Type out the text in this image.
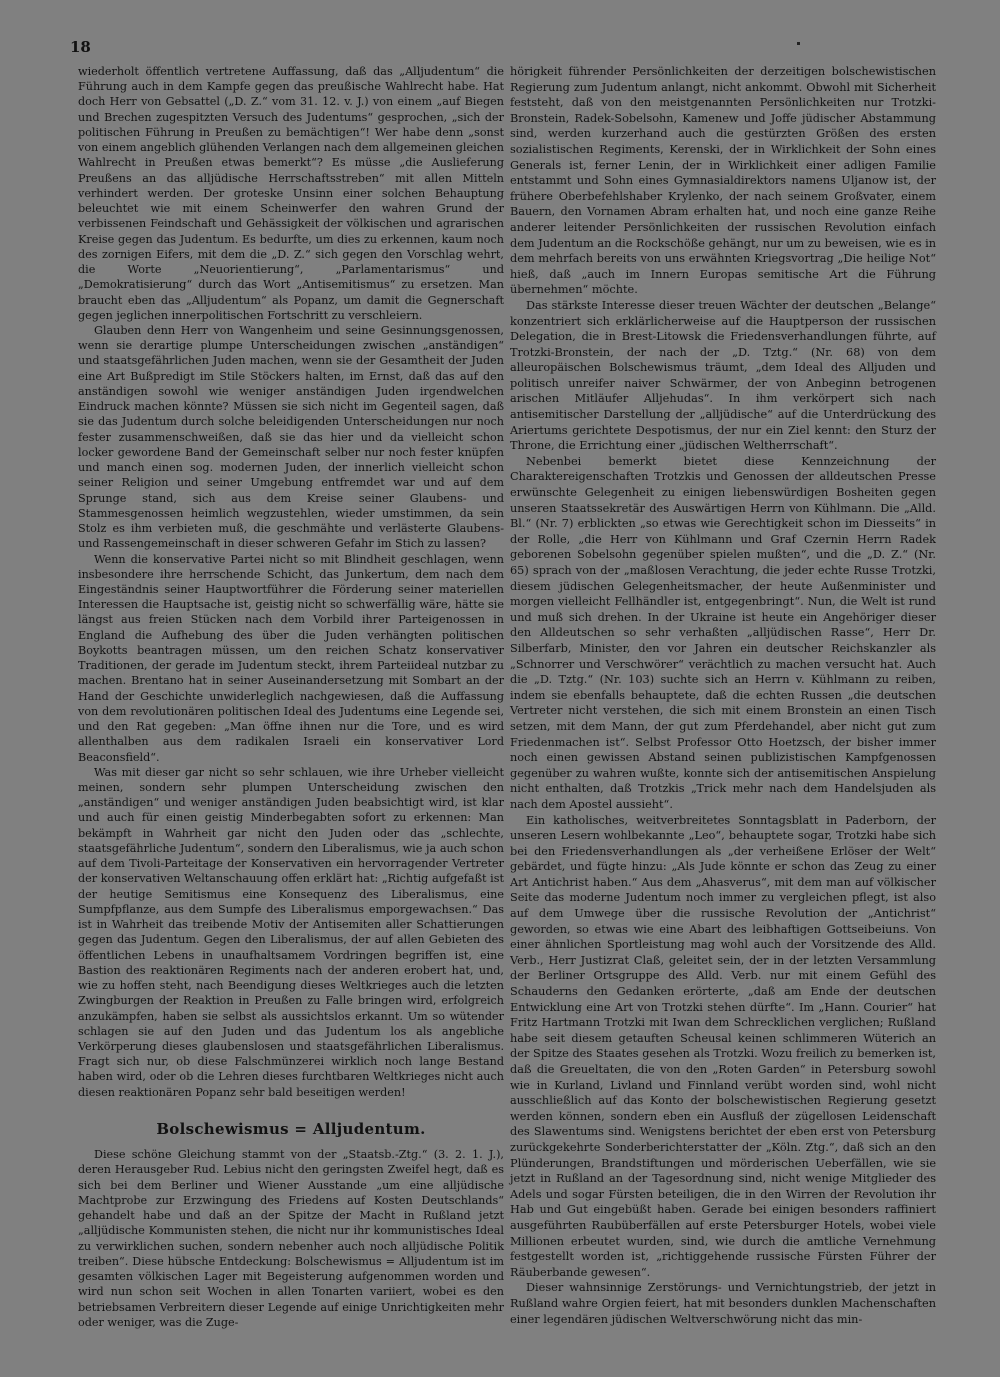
18

wiederholt öffentlich vertretene Auffassung, daß das „Alljudentum“ die Führung auch in dem Kampfe gegen das preußische Wahlrecht habe. Hat doch Herr von Gebsattel („D. Z.“ vom 31. 12. v. J.) von einem „auf Biegen und Brechen zugespitzten Versuch des Judentums“ gesprochen, „sich der politischen Führung in Preußen zu bemächtigen“! Wer habe denn „sonst von einem angeblich glühenden Verlangen nach dem allgemeinen gleichen Wahlrecht in Preußen etwas bemerkt“? Es müsse „die Auslieferung Preußens an das alljüdische Herrschaftsstreben“ mit allen Mitteln verhindert werden. Der groteske Unsinn einer solchen Behauptung beleuchtet wie mit einem Scheinwerfer den wahren Grund der verbissenen Feindschaft und Gehässigkeit der völkischen und agrarischen Kreise gegen das Judentum. Es bedurfte, um dies zu erkennen, kaum noch des zornigen Eifers, mit dem die „D. Z.“ sich gegen den Vorschlag wehrt, die Worte „Neuorientierung“, „Parlamentarismus“ und „Demokratisierung“ durch das Wort „Antisemitismus“ zu ersetzen. Man braucht eben das „Alljudentum“ als Popanz, um damit die Gegnerschaft gegen jeglichen innerpolitischen Fortschritt zu verschleiern.

Glauben denn Herr von Wangenheim und seine Gesinnungsgenossen, wenn sie derartige plumpe Unterscheidungen zwischen „anständigen“ und staatsgefährlichen Juden machen, wenn sie der Gesamtheit der Juden eine Art Bußpredigt im Stile Stöckers halten, im Ernst, daß das auf den anständigen sowohl wie weniger anständigen Juden irgendwelchen Eindruck machen könnte? Müssen sie sich nicht im Gegenteil sagen, daß sie das Judentum durch solche beleidigenden Unterscheidungen nur noch fester zusammenschweißen, daß sie das hier und da vielleicht schon locker gewordene Band der Gemeinschaft selber nur noch fester knüpfen und manch einen sog. modernen Juden, der innerlich vielleicht schon seiner Religion und seiner Umgebung entfremdet war und auf dem Sprunge stand, sich aus dem Kreise seiner Glaubens- und Stammesgenossen heimlich wegzustehlen, wieder umstimmen, da sein Stolz es ihm verbieten muß, die geschmähte und verlästerte Glaubens- und Rassengemeinschaft in dieser schweren Gefahr im Stich zu lassen?

Wenn die konservative Partei nicht so mit Blindheit geschlagen, wenn insbesondere ihre herrschende Schicht, das Junkertum, dem nach dem Eingeständnis seiner Hauptwortführer die Förderung seiner materiellen Interessen die Hauptsache ist, geistig nicht so schwerfällig wäre, hätte sie längst aus freien Stücken nach dem Vorbild ihrer Parteigenossen in England die Aufhebung des über die Juden verhängten politischen Boykotts beantragen müssen, um den reichen Schatz konservativer Traditionen, der gerade im Judentum steckt, ihrem Parteiideal nutzbar zu machen. Brentano hat in seiner Auseinandersetzung mit Sombart an der Hand der Geschichte unwiderleglich nachgewiesen, daß die Auffassung von dem revolutionären politischen Ideal des Judentums eine Legende sei, und den Rat gegeben: „Man öffne ihnen nur die Tore, und es wird allenthalben aus dem radikalen Israeli ein konservativer Lord Beaconsfield“.

Was mit dieser gar nicht so sehr schlauen, wie ihre Urheber vielleicht meinen, sondern sehr plumpen Unterscheidung zwischen den „anständigen“ und weniger anständigen Juden beabsichtigt wird, ist klar und auch für einen geistig Minderbegabten sofort zu erkennen: Man bekämpft in Wahrheit gar nicht den Juden oder das „schlechte, staatsgefährliche Judentum“, sondern den Liberalismus, wie ja auch schon auf dem Tivoli-Parteitage der Konservativen ein hervorragender Vertreter der konservativen Weltanschauung offen erklärt hat: „Richtig aufgefaßt ist der heutige Semitismus eine Konsequenz des Liberalismus, eine Sumpfpflanze, aus dem Sumpfe des Liberalismus emporgewachsen.“ Das ist in Wahrheit das treibende Motiv der Antisemiten aller Schattierungen gegen das Judentum. Gegen den Liberalismus, der auf allen Gebieten des öffentlichen Lebens in unaufhaltsamem Vordringen begriffen ist, eine Bastion des reaktionären Regiments nach der anderen erobert hat, und, wie zu hoffen steht, nach Beendigung dieses Weltkrieges auch die letzten Zwingburgen der Reaktion in Preußen zu Falle bringen wird, erfolgreich anzukämpfen, haben sie selbst als aussichtslos erkannt. Um so wütender schlagen sie auf den Juden und das Judentum los als angebliche Verkörperung dieses glaubenslosen und staatsgefährlichen Liberalismus. Fragt sich nur, ob diese Falschmünzerei wirklich noch lange Bestand haben wird, oder ob die Lehren dieses furchtbaren Weltkrieges nicht auch diesen reaktionären Popanz sehr bald beseitigen werden!

Bolschewismus = Alljudentum.

Diese schöne Gleichung stammt von der „Staatsb.-Ztg.“ (3. 2. 1. J.), deren Herausgeber Rud. Lebius nicht den geringsten Zweifel hegt, daß es sich bei dem Berliner und Wiener Ausstande „um eine alljüdische Machtprobe zur Erzwingung des Friedens auf Kosten Deutschlands“ gehandelt habe und daß an der Spitze der Macht in Rußland jetzt „alljüdische Kommunisten stehen, die nicht nur ihr kommunistisches Ideal zu verwirklichen suchen, sondern nebenher auch noch alljüdische Politik treiben“. Diese hübsche Entdeckung: Bolschewismus = Alljudentum ist im gesamten völkischen Lager mit Begeisterung aufgenommen worden und wird nun schon seit Wochen in allen Tonarten variiert, wobei es den betriebsamen Verbreitern dieser Legende auf einige Unrichtigkeiten mehr oder weniger, was die Zuge-

hörigkeit führender Persönlichkeiten der derzeitigen bolschewistischen Regierung zum Judentum anlangt, nicht ankommt. Obwohl mit Sicherheit feststeht, daß von den meistgenannten Persönlichkeiten nur Trotzki-Bronstein, Radek-Sobelsohn, Kamenew und Joffe jüdischer Abstammung sind, werden kurzerhand auch die gestürzten Größen des ersten sozialistischen Regiments, Kerenski, der in Wirklichkeit der Sohn eines Generals ist, ferner Lenin, der in Wirklichkeit einer adligen Familie entstammt und Sohn eines Gymnasialdirektors namens Uljanow ist, der frühere Oberbefehlshaber Krylenko, der nach seinem Großvater, einem Bauern, den Vornamen Abram erhalten hat, und noch eine ganze Reihe anderer leitender Persönlichkeiten der russischen Revolution einfach dem Judentum an die Rockschöße gehängt, nur um zu beweisen, wie es in dem mehrfach bereits von uns erwähnten Kriegsvortrag „Die heilige Not“ hieß, daß „auch im Innern Europas semitische Art die Führung übernehmen“ möchte.

Das stärkste Interesse dieser treuen Wächter der deutschen „Belange“ konzentriert sich erklärlicherweise auf die Hauptperson der russischen Delegation, die in Brest-Litowsk die Friedensverhandlungen führte, auf Trotzki-Bronstein, der nach der „D. Tztg.“ (Nr. 68) von dem alleuropäischen Bolschewismus träumt, „dem Ideal des Alljuden und politisch unreifer naiver Schwärmer, der von Anbeginn betrogenen arischen Mitläufer Alljehudas“. In ihm verkörpert sich nach antisemitischer Darstellung der „alljüdische“ auf die Unterdrückung des Ariertums gerichtete Despotismus, der nur ein Ziel kennt: den Sturz der Throne, die Errichtung einer „jüdischen Weltherrschaft“.

Nebenbei bemerkt bietet diese Kennzeichnung der Charaktereigenschaften Trotzkis und Genossen der alldeutschen Presse erwünschte Gelegenheit zu einigen liebenswürdigen Bosheiten gegen unseren Staatssekretär des Auswärtigen Herrn von Kühlmann. Die „Alld. Bl.“ (Nr. 7) erblickten „so etwas wie Gerechtigkeit schon im Diesseits“ in der Rolle, „die Herr von Kühlmann und Graf Czernin Herrn Radek geborenen Sobelsohn gegenüber spielen mußten“, und die „D. Z.“ (Nr. 65) sprach von der „maßlosen Verachtung, die jeder echte Russe Trotzki, diesem jüdischen Gelegenheitsmacher, der heute Außenminister und morgen vielleicht Fellhändler ist, entgegenbringt“. Nun, die Welt ist rund und muß sich drehen. In der Ukraine ist heute ein Angehöriger dieser den Alldeutschen so sehr verhaßten „alljüdischen Rasse“, Herr Dr. Silberfarb, Minister, den vor Jahren ein deutscher Reichskanzler als „Schnorrer und Verschwörer“ verächtlich zu machen versucht hat. Auch die „D. Tztg.“ (Nr. 103) suchte sich an Herrn v. Kühlmann zu reiben, indem sie ebenfalls behauptete, daß die echten Russen „die deutschen Vertreter nicht verstehen, die sich mit einem Bronstein an einen Tisch setzen, mit dem Mann, der gut zum Pferdehandel, aber nicht gut zum Friedenmachen ist“. Selbst Professor Otto Hoetzsch, der bisher immer noch einen gewissen Abstand seinen publizistischen Kampfgenossen gegenüber zu wahren wußte, konnte sich der antisemitischen Anspielung nicht enthalten, daß Trotzkis „Trick mehr nach dem Handelsjuden als nach dem Apostel aussieht“.

Ein katholisches, weitverbreitetes Sonntagsblatt in Paderborn, der unseren Lesern wohlbekannte „Leo“, behauptete sogar, Trotzki habe sich bei den Friedensverhandlungen als „der verheißene Erlöser der Welt“ gebärdet, und fügte hinzu: „Als Jude könnte er schon das Zeug zu einer Art Antichrist haben.“ Aus dem „Ahasverus“, mit dem man auf völkischer Seite das moderne Judentum noch immer zu vergleichen pflegt, ist also auf dem Umwege über die russische Revolution der „Antichrist“ geworden, so etwas wie eine Abart des leibhaftigen Gottseibeiuns. Von einer ähnlichen Sportleistung mag wohl auch der Vorsitzende des Alld. Verb., Herr Justizrat Claß, geleitet sein, der in der letzten Versammlung der Berliner Ortsgruppe des Alld. Verb. nur mit einem Gefühl des Schauderns den Gedanken erörterte, „daß am Ende der deutschen Entwicklung eine Art von Trotzki stehen dürfte“. Im „Hann. Courier“ hat Fritz Hartmann Trotzki mit Iwan dem Schrecklichen verglichen; Rußland habe seit diesem getauften Scheusal keinen schlimmeren Wüterich an der Spitze des Staates gesehen als Trotzki. Wozu freilich zu bemerken ist, daß die Greueltaten, die von den „Roten Garden“ in Petersburg sowohl wie in Kurland, Livland und Finnland verübt worden sind, wohl nicht ausschließlich auf das Konto der bolschewistischen Regierung gesetzt werden können, sondern eben ein Ausfluß der zügellosen Leidenschaft des Slawentums sind. Wenigstens berichtet der eben erst von Petersburg zurückgekehrte Sonderberichterstatter der „Köln. Ztg.“, daß sich an den Plünderungen, Brandstiftungen und mörderischen Ueberfällen, wie sie jetzt in Rußland an der Tagesordnung sind, nicht wenige Mitglieder des Adels und sogar Fürsten beteiligen, die in den Wirren der Revolution ihr Hab und Gut eingebüßt haben. Gerade bei einigen besonders raffiniert ausgeführten Raubüberfällen auf erste Petersburger Hotels, wobei viele Millionen erbeutet wurden, sind, wie durch die amtliche Vernehmung festgestellt worden ist, „richtiggehende russische Fürsten Führer der Räuberbande gewesen“.

Dieser wahnsinnige Zerstörungs- und Vernichtungstrieb, der jetzt in Rußland wahre Orgien feiert, hat mit besonders dunklen Machenschaften einer legendären jüdischen Weltverschwörung nicht das min-
